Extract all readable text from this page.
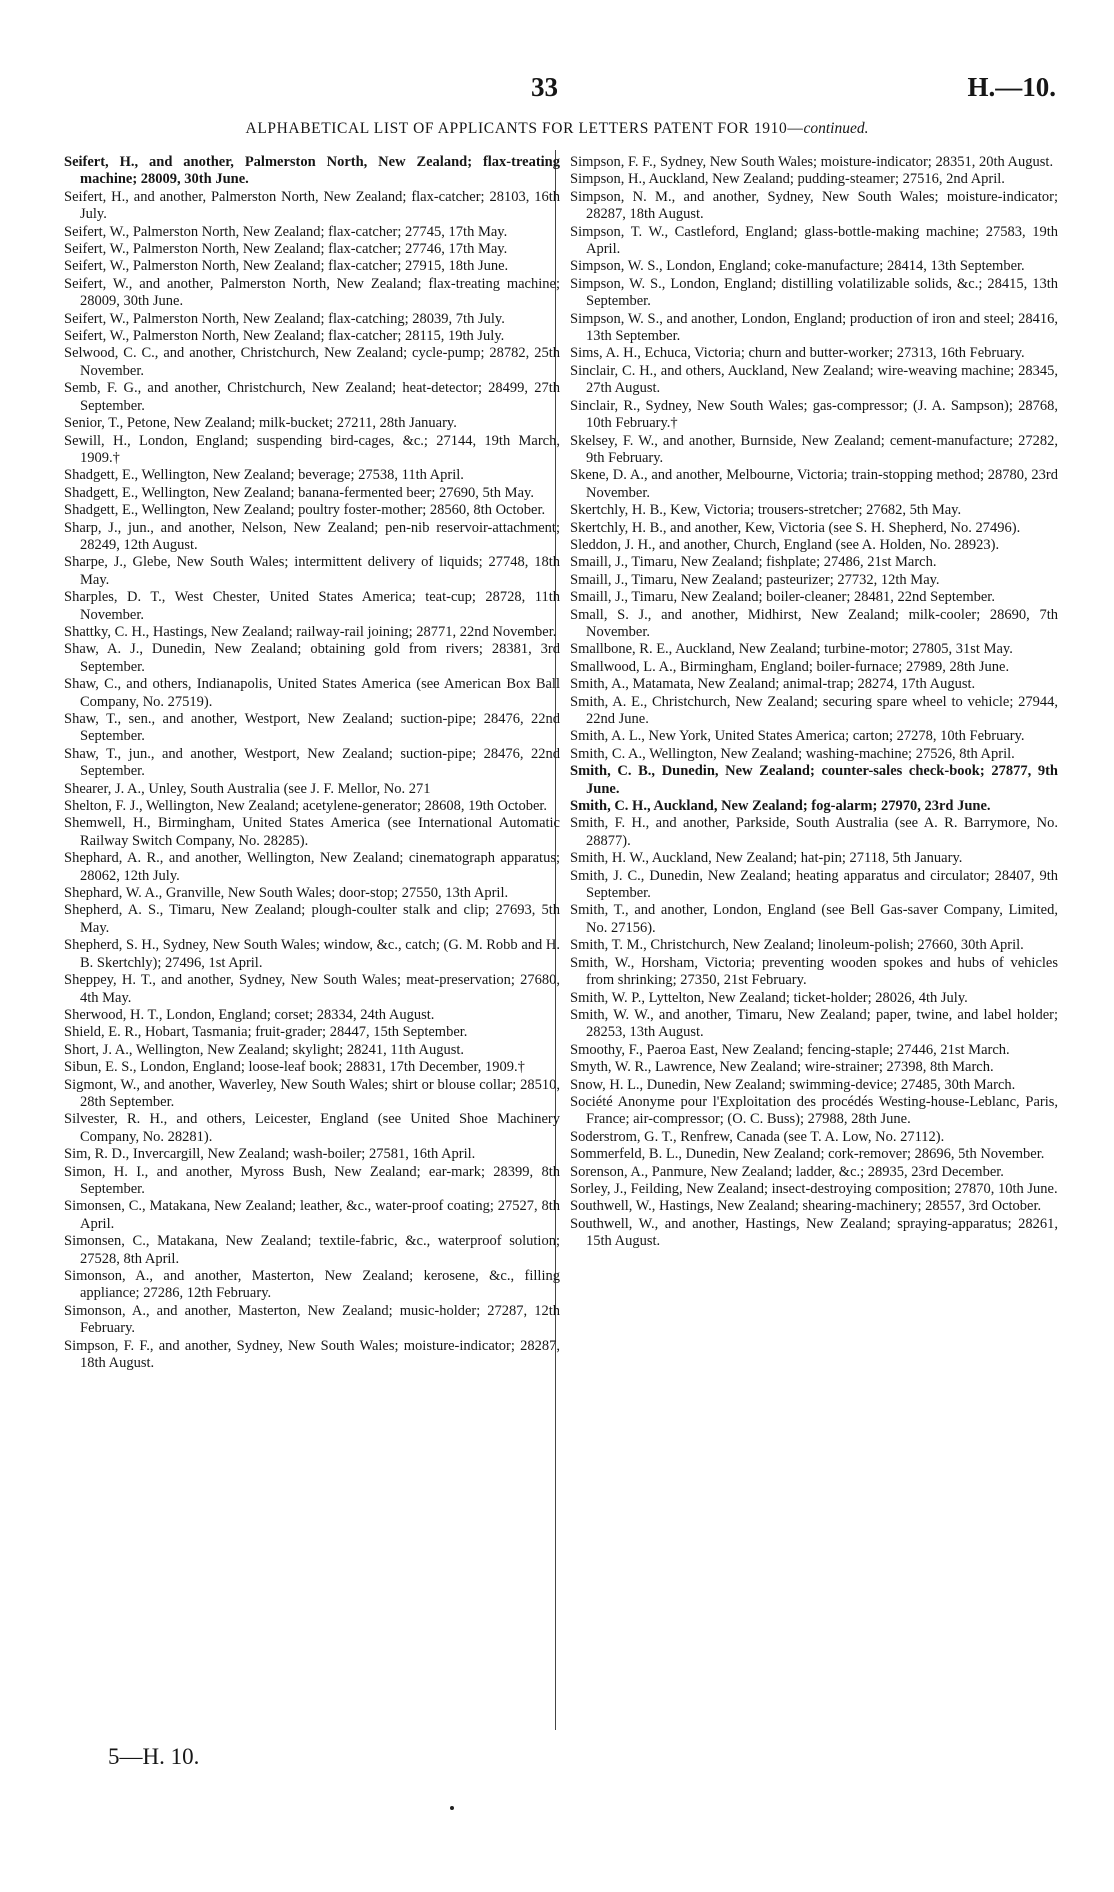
33	H.—10.
ALPHABETICAL LIST OF APPLICANTS FOR LETTERS PATENT FOR 1910—continued.

Seifert, H., and another, Palmerston North, New Zealand; flax-treating machine; 28009, 30th June.

Seifert, H., and another, Palmerston North, New Zealand; flax-catcher; 28103, 16th July.

Seifert, W., Palmerston North, New Zealand; flax-catcher; 27745, 17th May.

Seifert, W., Palmerston North, New Zealand; flax-catcher; 27746, 17th May.

Seifert, W., Palmerston North, New Zealand; flax-catcher; 27915, 18th June.

Seifert, W., and another, Palmerston North, New Zealand; flax-treating machine; 28009, 30th June.

Seifert, W., Palmerston North, New Zealand; flax-catching; 28039, 7th July.

Seifert, W., Palmerston North, New Zealand; flax-catcher; 28115, 19th July.

Selwood, C. C., and another, Christchurch, New Zealand; cycle-pump; 28782, 25th November.

Semb, F. G., and another, Christchurch, New Zealand; heat-detector; 28499, 27th September.

Senior, T., Petone, New Zealand; milk-bucket; 27211, 28th January.

Sewill, H., London, England; suspending bird-cages, &c.; 27144, 19th March, 1909.†

Shadgett, E., Wellington, New Zealand; beverage; 27538, 11th April.

Shadgett, E., Wellington, New Zealand; banana-fermented beer; 27690, 5th May.

Shadgett, E., Wellington, New Zealand; poultry foster-mother; 28560, 8th October.

Sharp, J., jun., and another, Nelson, New Zealand; pen-nib reservoir-attachment; 28249, 12th August.

Sharpe, J., Glebe, New South Wales; intermittent delivery of liquids; 27748, 18th May.

Sharples, D. T., West Chester, United States America; teat-cup; 28728, 11th November.

Shattky, C. H., Hastings, New Zealand; railway-rail joining; 28771, 22nd November.

Shaw, A. J., Dunedin, New Zealand; obtaining gold from rivers; 28381, 3rd September.

Shaw, C., and others, Indianapolis, United States America (see American Box Ball Company, No. 27519).

Shaw, T., sen., and another, Westport, New Zealand; suction-pipe; 28476, 22nd September.

Shaw, T., jun., and another, Westport, New Zealand; suction-pipe; 28476, 22nd September.

Shearer, J. A., Unley, South Australia (see J. F. Mellor, No. 271

Shelton, F. J., Wellington, New Zealand; acetylene-generator; 28608, 19th October.

Shemwell, H., Birmingham, United States America (see International Automatic Railway Switch Company, No. 28285).

Shephard, A. R., and another, Wellington, New Zealand; cinematograph apparatus; 28062, 12th July.

Shephard, W. A., Granville, New South Wales; door-stop; 27550, 13th April.

Shepherd, A. S., Timaru, New Zealand; plough-coulter stalk and clip; 27693, 5th May.

Shepherd, S. H., Sydney, New South Wales; window, &c., catch; (G. M. Robb and H. B. Skertchly); 27496, 1st April.

Sheppey, H. T., and another, Sydney, New South Wales; meat-preservation; 27680, 4th May.

Sherwood, H. T., London, England; corset; 28334, 24th August.

Shield, E. R., Hobart, Tasmania; fruit-grader; 28447, 15th September.

Short, J. A., Wellington, New Zealand; skylight; 28241, 11th August.

Sibun, E. S., London, England; loose-leaf book; 28831, 17th December, 1909.†

Sigmont, W., and another, Waverley, New South Wales; shirt or blouse collar; 28510, 28th September.

Silvester, R. H., and others, Leicester, England (see United Shoe Machinery Company, No. 28281).

Sim, R. D., Invercargill, New Zealand; wash-boiler; 27581, 16th April.

Simon, H. I., and another, Myross Bush, New Zealand; ear-mark; 28399, 8th September.

Simonsen, C., Matakana, New Zealand; leather, &c., water-proof coating; 27527, 8th April.

Simonsen, C., Matakana, New Zealand; textile-fabric, &c., waterproof solution; 27528, 8th April.

Simonson, A., and another, Masterton, New Zealand; kerosene, &c., filling appliance; 27286, 12th February.

Simonson, A., and another, Masterton, New Zealand; music-holder; 27287, 12th February.

Simpson, F. F., and another, Sydney, New South Wales; moisture-indicator; 28287, 18th August.

Simpson, F. F., Sydney, New South Wales; moisture-indicator; 28351, 20th August.

Simpson, H., Auckland, New Zealand; pudding-steamer; 27516, 2nd April.

Simpson, N. M., and another, Sydney, New South Wales; moisture-indicator; 28287, 18th August.

Simpson, T. W., Castleford, England; glass-bottle-making machine; 27583, 19th April.

Simpson, W. S., London, England; coke-manufacture; 28414, 13th September.

Simpson, W. S., London, England; distilling volatilizable solids, &c.; 28415, 13th September.

Simpson, W. S., and another, London, England; production of iron and steel; 28416, 13th September.

Sims, A. H., Echuca, Victoria; churn and butter-worker; 27313, 16th February.

Sinclair, C. H., and others, Auckland, New Zealand; wire-weaving machine; 28345, 27th August.

Sinclair, R., Sydney, New South Wales; gas-compressor; (J. A. Sampson); 28768, 10th February.†

Skelsey, F. W., and another, Burnside, New Zealand; cement-manufacture; 27282, 9th February.

Skene, D. A., and another, Melbourne, Victoria; train-stopping method; 28780, 23rd November.

Skertchly, H. B., Kew, Victoria; trousers-stretcher; 27682, 5th May.

Skertchly, H. B., and another, Kew, Victoria (see S. H. Shepherd, No. 27496).

Sleddon, J. H., and another, Church, England (see A. Holden, No. 28923).

Smaill, J., Timaru, New Zealand; fishplate; 27486, 21st March.

Smaill, J., Timaru, New Zealand; pasteurizer; 27732, 12th May.

Smaill, J., Timaru, New Zealand; boiler-cleaner; 28481, 22nd September.

Small, S. J., and another, Midhirst, New Zealand; milk-cooler; 28690, 7th November.

Smallbone, R. E., Auckland, New Zealand; turbine-motor; 27805, 31st May.

Smallwood, L. A., Birmingham, England; boiler-furnace; 27989, 28th June.

Smith, A., Matamata, New Zealand; animal-trap; 28274, 17th August.

Smith, A. E., Christchurch, New Zealand; securing spare wheel to vehicle; 27944, 22nd June.

Smith, A. L., New York, United States America; carton; 27278, 10th February.

Smith, C. A., Wellington, New Zealand; washing-machine; 27526, 8th April.

Smith, C. B., Dunedin, New Zealand; counter-sales check-book; 27877, 9th June.

Smith, C. H., Auckland, New Zealand; fog-alarm; 27970, 23rd June.

Smith, F. H., and another, Parkside, South Australia (see A. R. Barrymore, No. 28877).

Smith, H. W., Auckland, New Zealand; hat-pin; 27118, 5th January.

Smith, J. C., Dunedin, New Zealand; heating apparatus and circulator; 28407, 9th September.

Smith, T., and another, London, England (see Bell Gas-saver Company, Limited, No. 27156).

Smith, T. M., Christchurch, New Zealand; linoleum-polish; 27660, 30th April.

Smith, W., Horsham, Victoria; preventing wooden spokes and hubs of vehicles from shrinking; 27350, 21st February.

Smith, W. P., Lyttelton, New Zealand; ticket-holder; 28026, 4th July.

Smith, W. W., and another, Timaru, New Zealand; paper, twine, and label holder; 28253, 13th August.

Smoothy, F., Paeroa East, New Zealand; fencing-staple; 27446, 21st March.

Smyth, W. R., Lawrence, New Zealand; wire-strainer; 27398, 8th March.

Snow, H. L., Dunedin, New Zealand; swimming-device; 27485, 30th March.

Société Anonyme pour l'Exploitation des procédés Westing-house-Leblanc, Paris, France; air-compressor; (O. C. Buss); 27988, 28th June.

Soderstrom, G. T., Renfrew, Canada (see T. A. Low, No. 27112).

Sommerfeld, B. L., Dunedin, New Zealand; cork-remover; 28696, 5th November.

Sorenson, A., Panmure, New Zealand; ladder, &c.; 28935, 23rd December.

Sorley, J., Feilding, New Zealand; insect-destroying composition; 27870, 10th June.

Southwell, W., Hastings, New Zealand; shearing-machinery; 28557, 3rd October.

Southwell, W., and another, Hastings, New Zealand; spraying-apparatus; 28261, 15th August.

5—H. 10.
